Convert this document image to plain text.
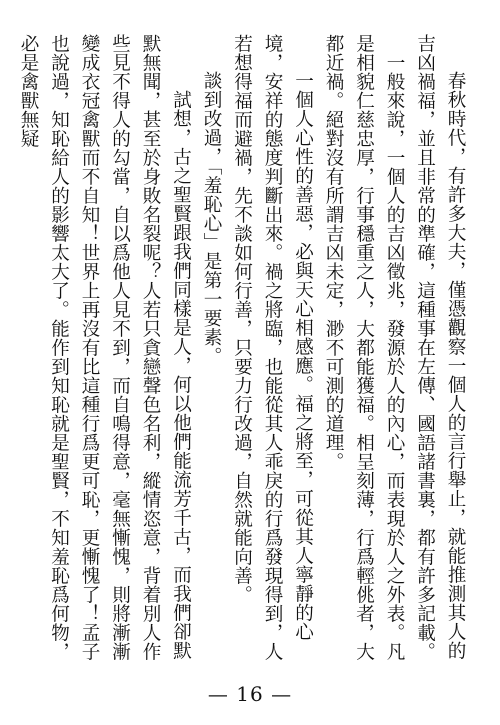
春秋時代，有許多大夫，僅憑觀察一個人的言行舉止，就能推測其人的吉凶禍福，並且非常的準確，這種事在左傳、國語諸書裏，都有許多記載。

一般來說，一個人的吉凶徵兆，發源於人的內心，而表現於人之外表。凡是相貌仁慈忠厚，行事穩重之人，大都能獲福。相呈刻薄，行爲輕佻者，大都近禍。絕對沒有所謂吉凶未定，渺不可測的道理。

一個人心性的善惡，必與天心相感應。福之將至，可從其人寧靜的心境，安祥的態度判斷出來。禍之將臨，也能從其人乖戾的行爲發現得到，人若想得福而避禍，先不談如何行善，只要力行改過，自然就能向善。

談到改過，「羞恥心」是第一要素。

試想，古之聖賢跟我們同樣是人，何以他們能流芳千古，而我們卻默默無聞，甚至於身敗名裂呢？人若只貪戀聲色名利，縱情恣意，背着別人作些見不得人的勾當，自以爲他人見不到，而自鳴得意，毫無慚愧，則將漸漸變成衣冠禽獸而不自知！世界上再沒有比這種行爲更可恥，更慚愧了！孟子也說過，知恥給人的影響太大了。能作到知恥就是聖賢，不知羞恥爲何物，必是禽獸無疑

— 16 —
